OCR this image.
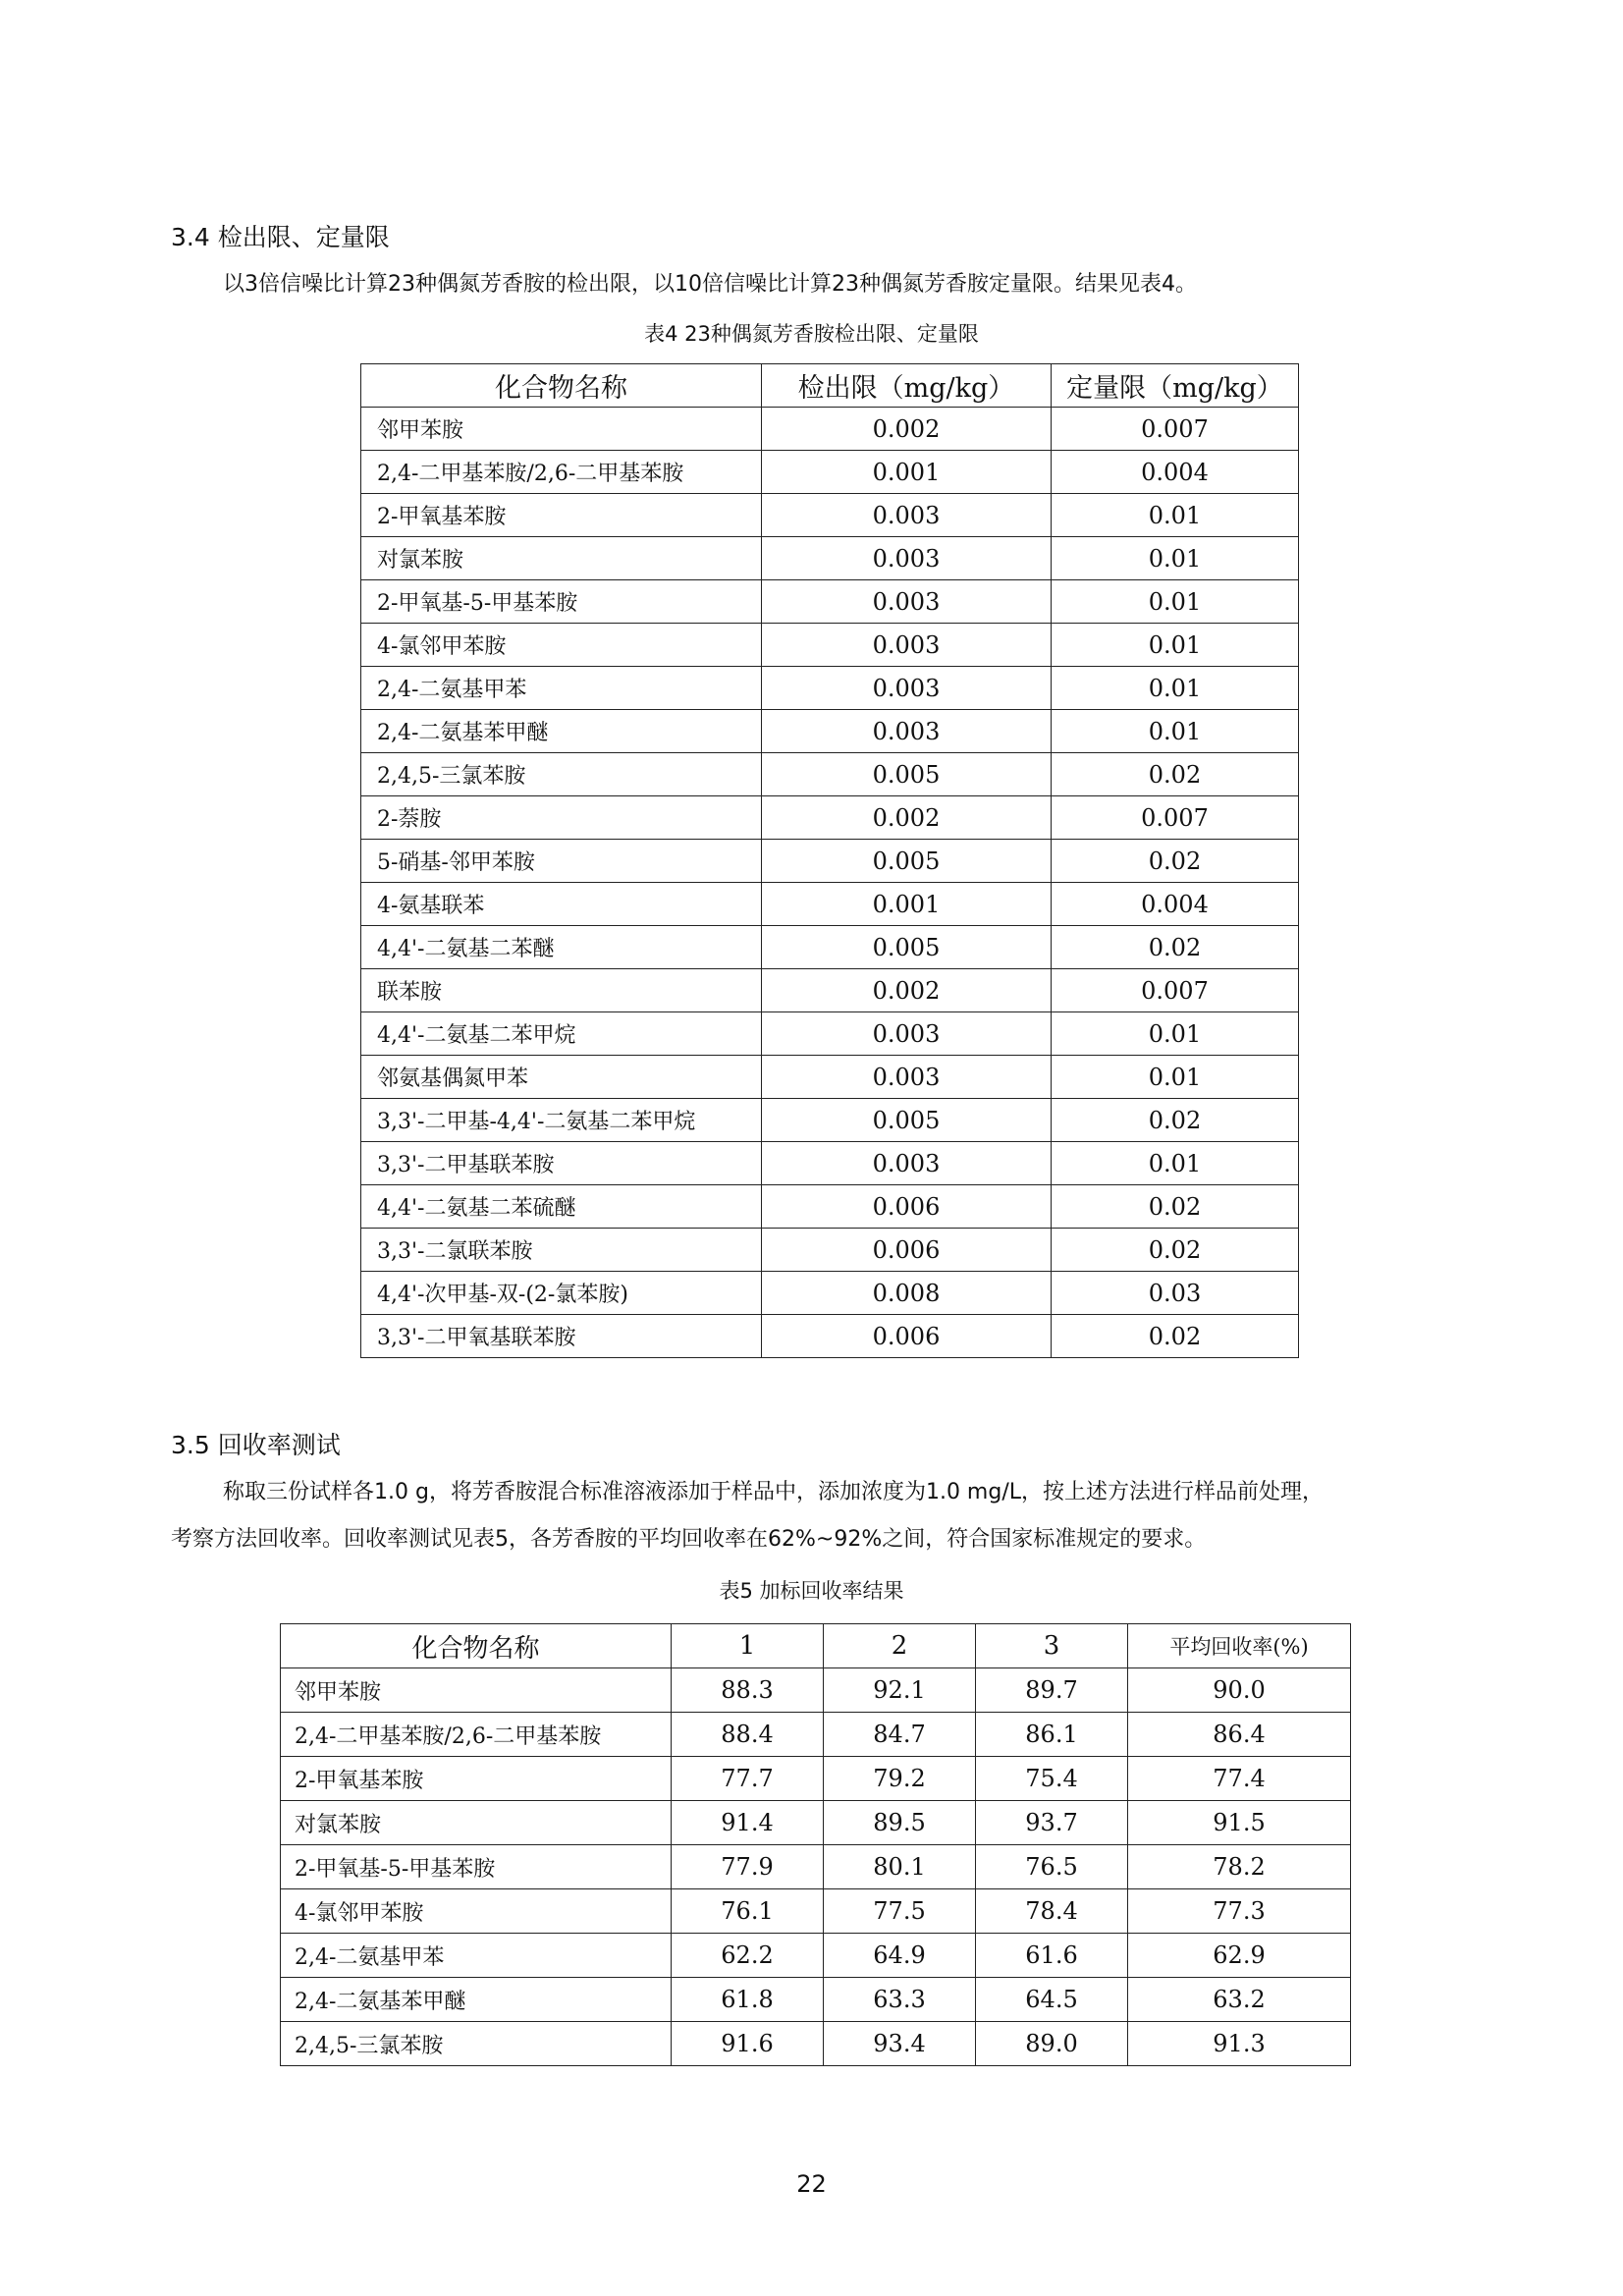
3.4 检出限、定量限
以3倍信噪比计算23种偶氮芳香胺的检出限，以10倍信噪比计算23种偶氮芳香胺定量限。结果见表4。
表4 23种偶氮芳香胺检出限、定量限
化合物名称	检出限（mg/kg）	定量限（mg/kg）
邻甲苯胺	0.002	0.007
2,4-二甲基苯胺/2,6-二甲基苯胺	0.001	0.004
2-甲氧基苯胺	0.003	0.01
对氯苯胺	0.003	0.01
2-甲氧基-5-甲基苯胺	0.003	0.01
4-氯邻甲苯胺	0.003	0.01
2,4-二氨基甲苯	0.003	0.01
2,4-二氨基苯甲醚	0.003	0.01
2,4,5-三氯苯胺	0.005	0.02
2-萘胺	0.002	0.007
5-硝基-邻甲苯胺	0.005	0.02
4-氨基联苯	0.001	0.004
4,4'-二氨基二苯醚	0.005	0.02
联苯胺	0.002	0.007
4,4'-二氨基二苯甲烷	0.003	0.01
邻氨基偶氮甲苯	0.003	0.01
3,3'-二甲基-4,4'-二氨基二苯甲烷	0.005	0.02
3,3'-二甲基联苯胺	0.003	0.01
4,4'-二氨基二苯硫醚	0.006	0.02
3,3'-二氯联苯胺	0.006	0.02
4,4'-次甲基-双-(2-氯苯胺)	0.008	0.03
3,3'-二甲氧基联苯胺	0.006	0.02
3.5 回收率测试
称取三份试样各1.0 g，将芳香胺混合标准溶液添加于样品中，添加浓度为1.0 mg/L，按上述方法进行样品前处理，
考察方法回收率。回收率测试见表5，各芳香胺的平均回收率在62%~92%之间，符合国家标准规定的要求。
表5 加标回收率结果
化合物名称	1	2	3	平均回收率(%)
邻甲苯胺	88.3	92.1	89.7	90.0
2,4-二甲基苯胺/2,6-二甲基苯胺	88.4	84.7	86.1	86.4
2-甲氧基苯胺	77.7	79.2	75.4	77.4
对氯苯胺	91.4	89.5	93.7	91.5
2-甲氧基-5-甲基苯胺	77.9	80.1	76.5	78.2
4-氯邻甲苯胺	76.1	77.5	78.4	77.3
2,4-二氨基甲苯	62.2	64.9	61.6	62.9
2,4-二氨基苯甲醚	61.8	63.3	64.5	63.2
2,4,5-三氯苯胺	91.6	93.4	89.0	91.3
22
